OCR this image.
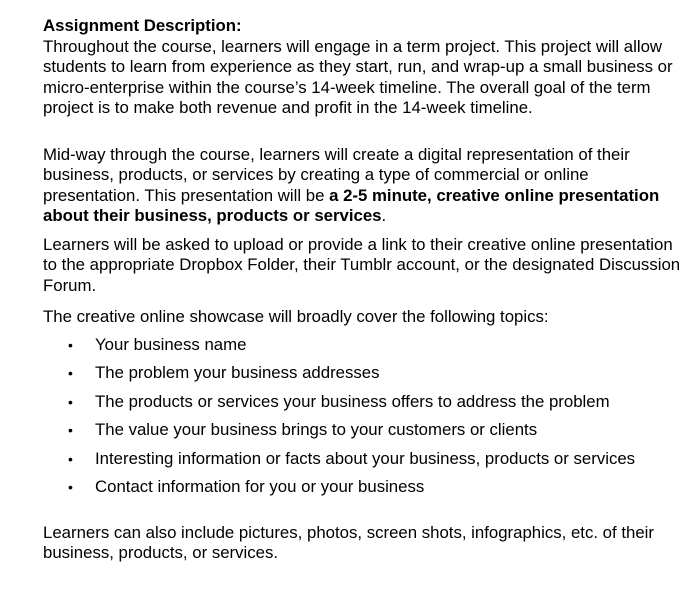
Assignment Description:

Throughout the course, learners will engage in a term project. This project will allow students to learn from experience as they start, run, and wrap-up a small business or micro-enterprise within the course’s 14-week timeline. The overall goal of the term project is to make both revenue and profit in the 14-week timeline.

Mid-way through the course, learners will create a digital representation of their business, products, or services by creating a type of commercial or online presentation. This presentation will be a 2-5 minute, creative online presentation about their business, products or services.

Learners will be asked to upload or provide a link to their creative online presentation to the appropriate Dropbox Folder, their Tumblr account, or the designated Discussion Forum.

The creative online showcase will broadly cover the following topics:

• Your business name
• The problem your business addresses
• The products or services your business offers to address the problem
• The value your business brings to your customers or clients
• Interesting information or facts about your business, products or services
• Contact information for you or your business

Learners can also include pictures, photos, screen shots, infographics, etc. of their business, products, or services.
